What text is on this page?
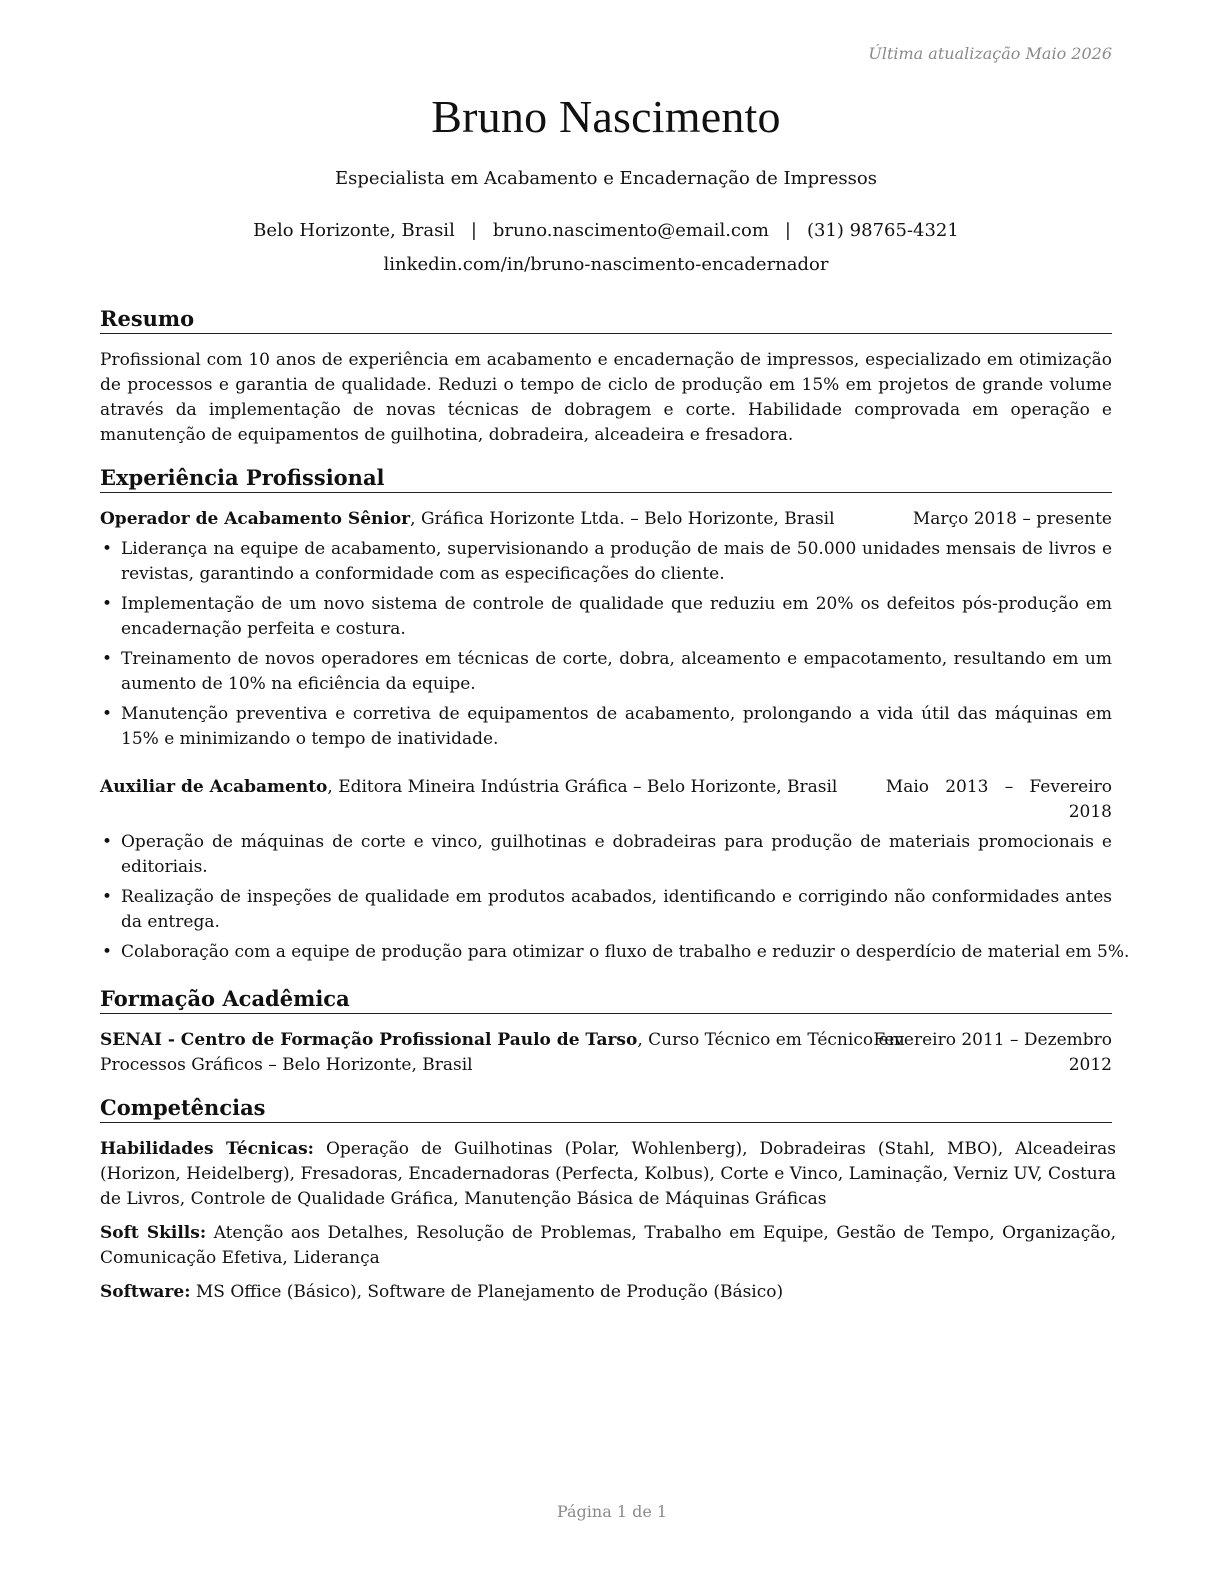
Última atualização Maio 2026
Bruno Nascimento
Especialista em Acabamento e Encadernação de Impressos
Belo Horizonte, Brasil | bruno.nascimento@email.com | (31) 98765-4321
linkedin.com/in/bruno-nascimento-encadernador
Resumo
Profissional com 10 anos de experiência em acabamento e encadernação de impressos, especializado em otimização de processos e garantia de qualidade. Reduzi o tempo de ciclo de produção em 15% em projetos de grande volume através da implementação de novas técnicas de dobragem e corte. Habilidade comprovada em operação e manutenção de equipamentos de guilhotina, dobradeira, alceadeira e fresadora.
Experiência Profissional
Operador de Acabamento Sênior, Gráfica Horizonte Ltda. – Belo Horizonte, Brasil	Março 2018 – presente
• Liderança na equipe de acabamento, supervisionando a produção de mais de 50.000 unidades mensais de livros e revistas, garantindo a conformidade com as especificações do cliente.
• Implementação de um novo sistema de controle de qualidade que reduziu em 20% os defeitos pós-produção em encadernação perfeita e costura.
• Treinamento de novos operadores em técnicas de corte, dobra, alceamento e empacotamento, resultando em um aumento de 10% na eficiência da equipe.
• Manutenção preventiva e corretiva de equipamentos de acabamento, prolongando a vida útil das máquinas em 15% e minimizando o tempo de inatividade.
Auxiliar de Acabamento, Editora Mineira Indústria Gráfica – Belo Horizonte, Brasil	Maio   2013   –   Fevereiro
2018
• Operação de máquinas de corte e vinco, guilhotinas e dobradeiras para produção de materiais promocionais e editoriais.
• Realização de inspeções de qualidade em produtos acabados, identificando e corrigindo não conformidades antes da entrega.
• Colaboração com a equipe de produção para otimizar o fluxo de trabalho e reduzir o desperdício de material em 5%.
Formação Acadêmica
SENAI - Centro de Formação Profissional Paulo de Tarso, Curso Técnico em Técnico em
Processos Gráficos – Belo Horizonte, Brasil
Fevereiro 2011 – Dezembro
2012
Competências
Habilidades Técnicas: Operação de Guilhotinas (Polar, Wohlenberg), Dobradeiras (Stahl, MBO), Alceadeiras (Horizon, Heidelberg), Fresadoras, Encadernadoras (Perfecta, Kolbus), Corte e Vinco, Laminação, Verniz UV, Costura de Livros, Controle de Qualidade Gráfica, Manutenção Básica de Máquinas Gráficas
Soft Skills: Atenção aos Detalhes, Resolução de Problemas, Trabalho em Equipe, Gestão de Tempo, Organização, Comunicação Efetiva, Liderança
Software: MS Office (Básico), Software de Planejamento de Produção (Básico)
Página 1 de 1
